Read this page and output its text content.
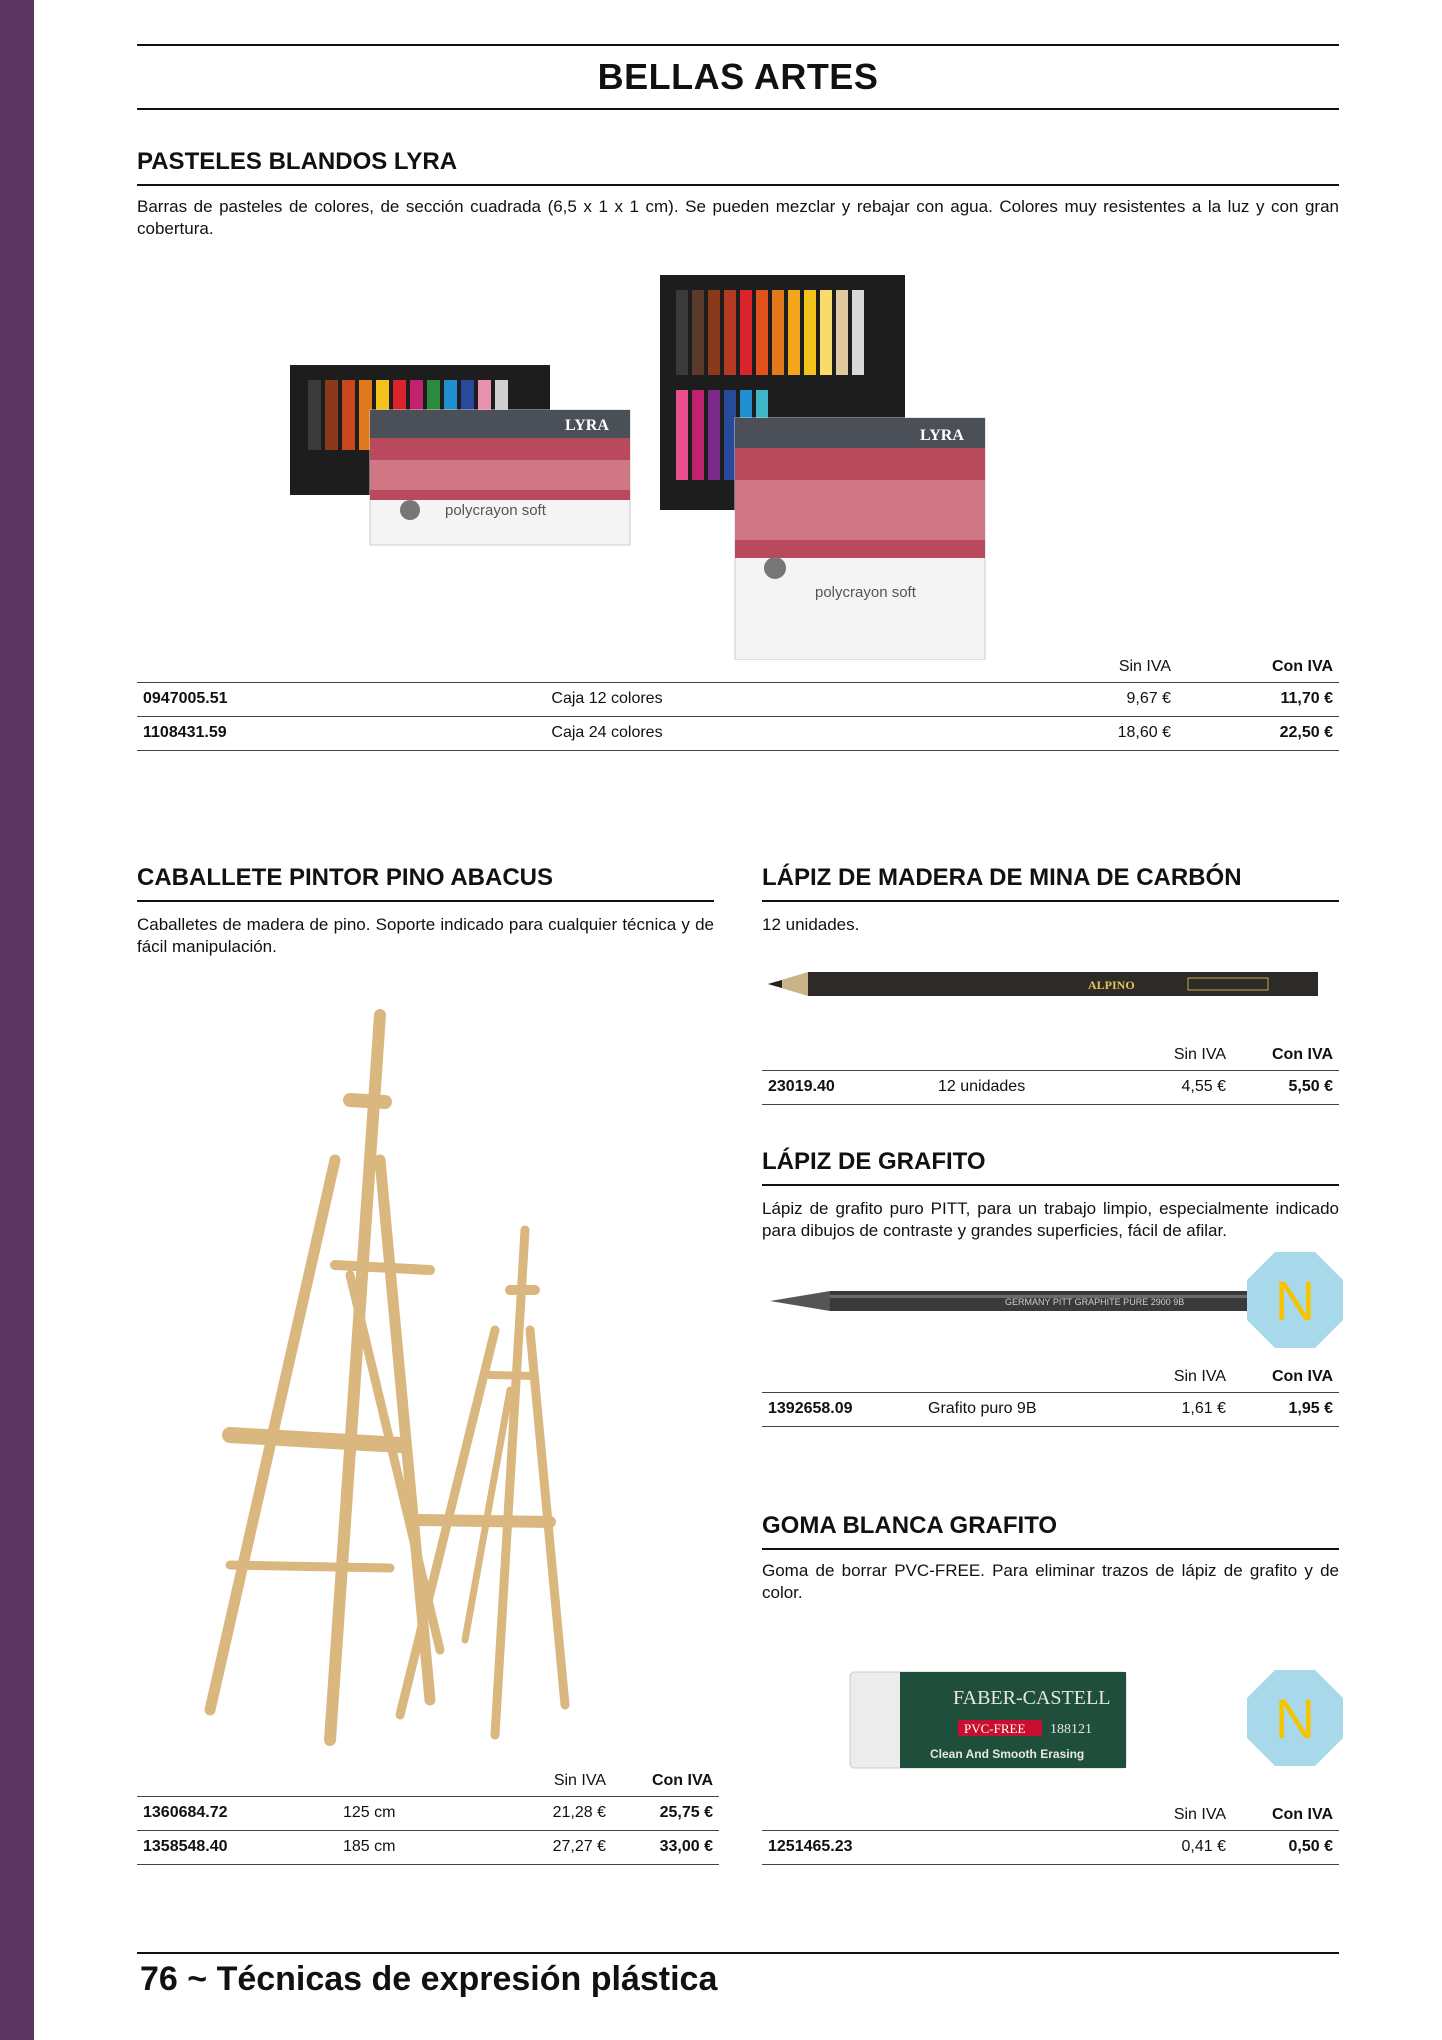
BELLAS ARTES
PASTELES BLANDOS LYRA
Barras de pasteles de colores, de sección cuadrada (6,5 x 1 x 1 cm). Se pueden mezclar y rebajar con agua. Colores muy resistentes a la luz y con gran cobertura.
LYRA
polycrayon soft
LYRA
polycrayon soft
		Sin IVA	Con IVA
0947005.51	Caja 12 colores	9,67 €	11,70 €
1108431.59	Caja 24 colores	18,60 €	22,50 €
CABALLETE PINTOR PINO ABACUS
Caballetes de madera de pino. Soporte indicado para cualquier técnica y de fácil manipulación.
		Sin IVA	Con IVA
1360684.72	125 cm	21,28 €	25,75 €
1358548.40	185 cm	27,27 €	33,00 €
LÁPIZ DE MADERA DE MINA DE CARBÓN
12 unidades.
ALPINO
		Sin IVA	Con IVA
23019.40	12 unidades	4,55 €	5,50 €
LÁPIZ DE GRAFITO
Lápiz de grafito puro PITT, para un trabajo limpio, especialmente indicado para dibujos de contraste y grandes superficies, fácil de afilar.
GERMANY PITT GRAPHITE PURE 2900 9B N
		Sin IVA	Con IVA
1392658.09	Grafito puro 9B	1,61 €	1,95 €
GOMA BLANCA GRAFITO
Goma de borrar PVC-FREE. Para eliminar trazos de lápiz de grafito y de color.
FABER-CASTELL
PVC-FREE 188121
Clean And Smooth Erasing
N
		Sin IVA	Con IVA
1251465.23		0,41 €	0,50 €
76 ~ Técnicas de expresión plástica
